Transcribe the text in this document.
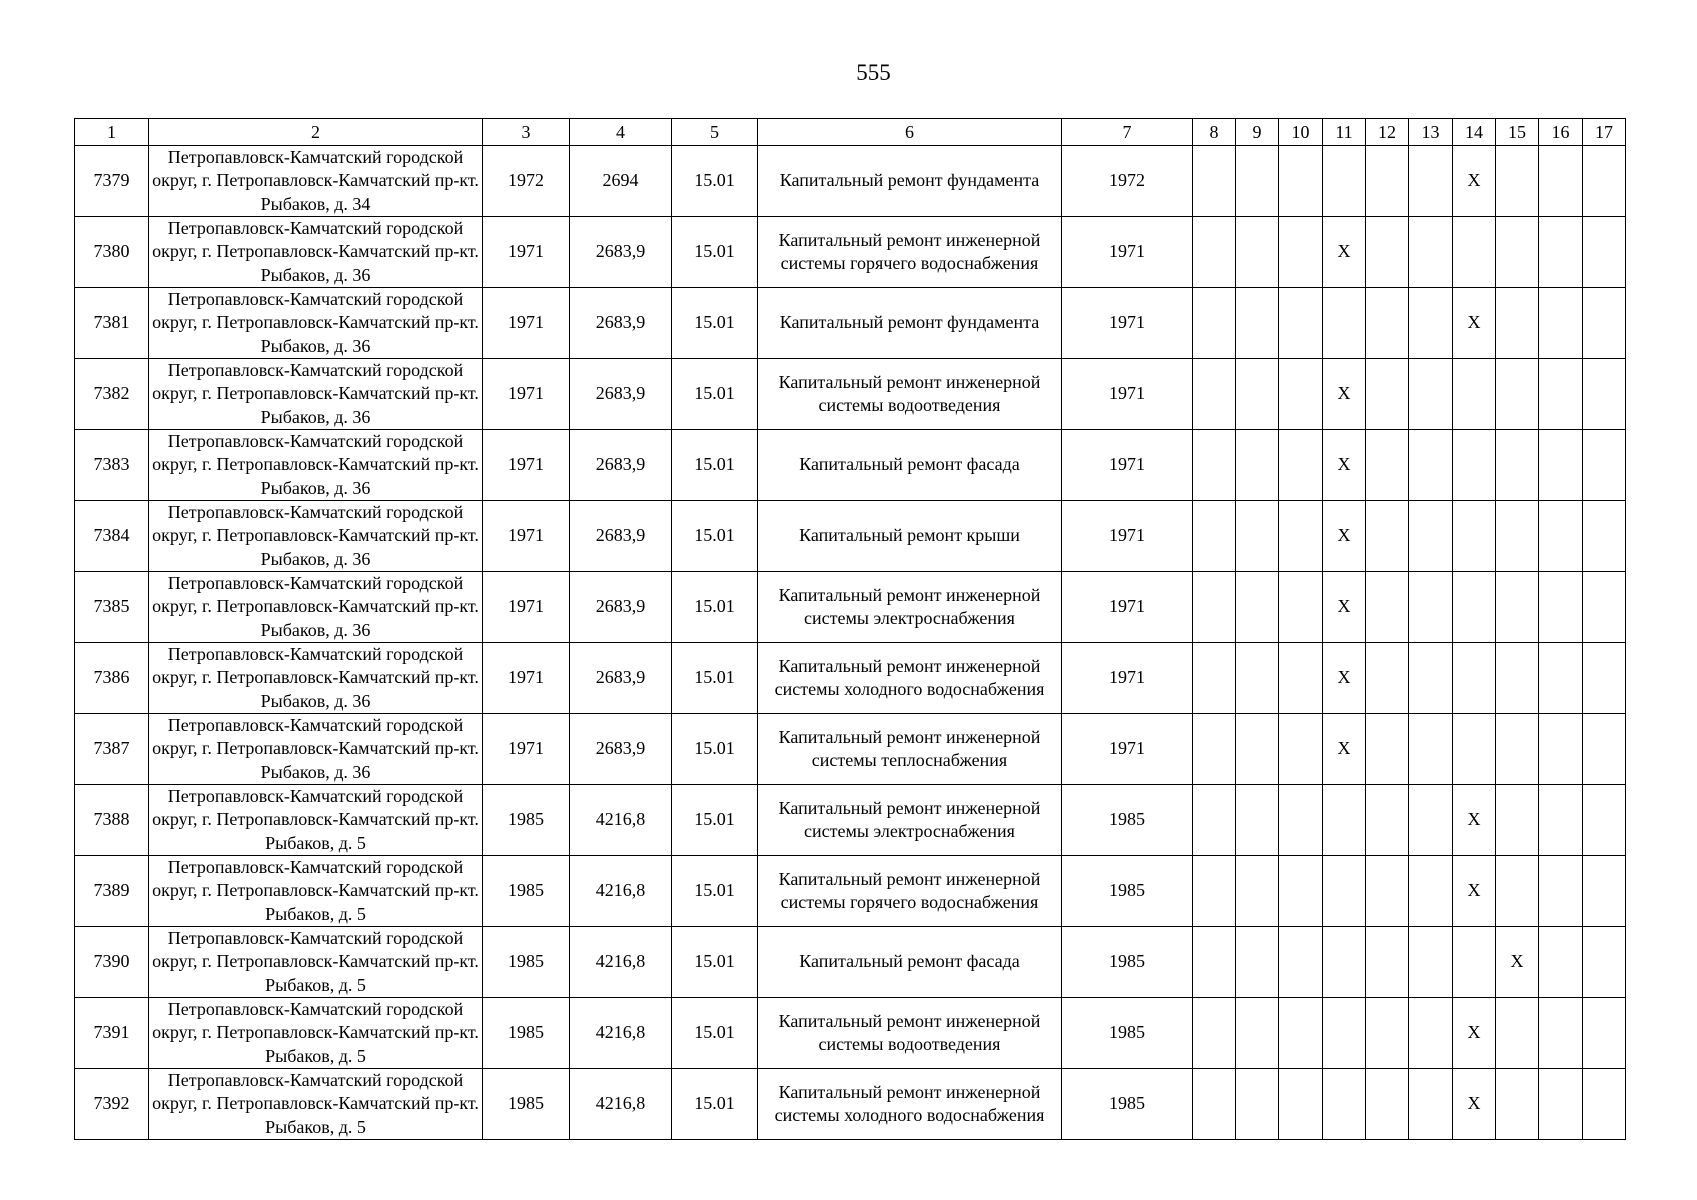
555
1	2	3	4	5	6	7	8	9	10	11	12	13	14	15	16	17
7379	Петропавловск-Камчатский городской округ, г. Петропавловск-Камчатский пр-кт. Рыбаков, д. 34	1972	2694	15.01	Капитальный ремонт фундамента	1972							X			
7380	Петропавловск-Камчатский городской округ, г. Петропавловск-Камчатский пр-кт. Рыбаков, д. 36	1971	2683,9	15.01	Капитальный ремонт инженерной системы горячего водоснабжения	1971				X						
7381	Петропавловск-Камчатский городской округ, г. Петропавловск-Камчатский пр-кт. Рыбаков, д. 36	1971	2683,9	15.01	Капитальный ремонт фундамента	1971							X			
7382	Петропавловск-Камчатский городской округ, г. Петропавловск-Камчатский пр-кт. Рыбаков, д. 36	1971	2683,9	15.01	Капитальный ремонт инженерной системы водоотведения	1971				X						
7383	Петропавловск-Камчатский городской округ, г. Петропавловск-Камчатский пр-кт. Рыбаков, д. 36	1971	2683,9	15.01	Капитальный ремонт фасада	1971				X						
7384	Петропавловск-Камчатский городской округ, г. Петропавловск-Камчатский пр-кт. Рыбаков, д. 36	1971	2683,9	15.01	Капитальный ремонт крыши	1971				X						
7385	Петропавловск-Камчатский городской округ, г. Петропавловск-Камчатский пр-кт. Рыбаков, д. 36	1971	2683,9	15.01	Капитальный ремонт инженерной системы электроснабжения	1971				X						
7386	Петропавловск-Камчатский городской округ, г. Петропавловск-Камчатский пр-кт. Рыбаков, д. 36	1971	2683,9	15.01	Капитальный ремонт инженерной системы холодного водоснабжения	1971				X						
7387	Петропавловск-Камчатский городской округ, г. Петропавловск-Камчатский пр-кт. Рыбаков, д. 36	1971	2683,9	15.01	Капитальный ремонт инженерной системы теплоснабжения	1971				X						
7388	Петропавловск-Камчатский городской округ, г. Петропавловск-Камчатский пр-кт. Рыбаков, д. 5	1985	4216,8	15.01	Капитальный ремонт инженерной системы электроснабжения	1985							X			
7389	Петропавловск-Камчатский городской округ, г. Петропавловск-Камчатский пр-кт. Рыбаков, д. 5	1985	4216,8	15.01	Капитальный ремонт инженерной системы горячего водоснабжения	1985							X			
7390	Петропавловск-Камчатский городской округ, г. Петропавловск-Камчатский пр-кт. Рыбаков, д. 5	1985	4216,8	15.01	Капитальный ремонт фасада	1985								X		
7391	Петропавловск-Камчатский городской округ, г. Петропавловск-Камчатский пр-кт. Рыбаков, д. 5	1985	4216,8	15.01	Капитальный ремонт инженерной системы водоотведения	1985							X			
7392	Петропавловск-Камчатский городской округ, г. Петропавловск-Камчатский пр-кт. Рыбаков, д. 5	1985	4216,8	15.01	Капитальный ремонт инженерной системы холодного водоснабжения	1985							X			
